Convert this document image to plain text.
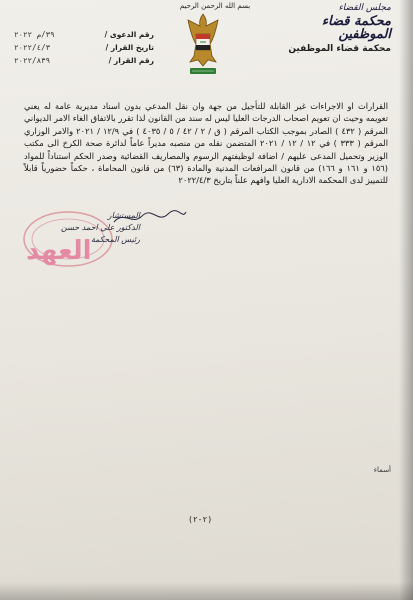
بسم الله الرحمن الرحيم	مجلس القضاء
محكمة قضاء الموظفين
رقم الدعوى /
٣٩/م ٢٠٢٢
تاريخ القرار /
٢٠٢٢/٤/٣
رقم القرار /
٢٠٢٢/٨٣٩
محكمة قضاء الموظفين

القرارات او الاجراءات غير القابلة للتأجيل من جهة وان نقل المدعي بدون اسناد مديرية عامة له يعني تعويمه وحيث ان تعويم اصحاب الدرجات العليا ليس له سند من القانون لذا تقرر بالاتفاق الغاء الامر الديواني المرقم ( ٤٣٢ ) الصادر بموجب الكتاب المرقم ( ق / ٢ / ٤٢ / ٥ / ٤٠٣٥ ) في ١٢/٩ / ٢٠٢١ والامر الوزاري المرقم ( ٣٣٣ ) في ١٢ / ١٢ / ٢٠٢١ المتضمن نقله من منصبه مديراً عاماً لدائرة صحة الكرخ الى مكتب الوزير وتحميل المدعى عليهم / اضافة لوظيفتهم الرسوم والمصاريف القضائية وصدر الحكم استناداً للمواد (١٥٦ و ١٦١ و ١٦٦) من قانون المرافعات المدنية والمادة (٦٣) من قانون المحاماة ، حكماً حضورياً قابلاً للتمييز لدى المحكمة الادارية العليا وافهم علناً بتاريخ ٢٠٢٢/٤/٣

العهد
المستشار
الدكتور علي احمد حسن
رئيس المحكمة
أسماء
(٢-٢)
